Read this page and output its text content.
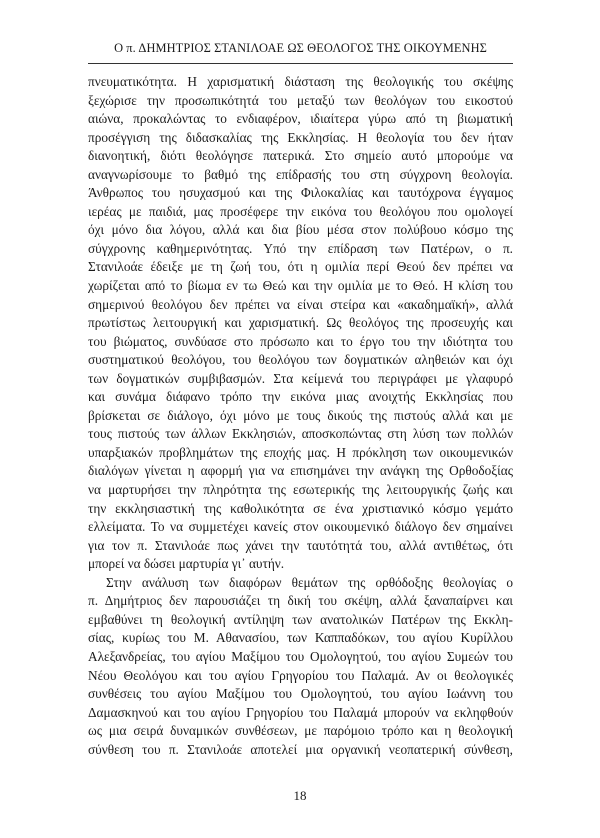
Ο π. ΔΗΜΗΤΡΙΟΣ ΣΤΑΝΙΛΟΑΕ ΩΣ ΘΕΟΛΟΓΟΣ ΤΗΣ ΟΙΚΟΥΜΕΝΗΣ
πνευματικότητα. Η χαρισματική διάσταση της θεολογικής του σκέψης
ξεχώρισε την προσωπικότητά του μεταξύ των θεολόγων του εικοστού
αιώνα, προκαλώντας το ενδιαφέρον, ιδιαίτερα γύρω από τη βιωματική
προσέγγιση της διδασκαλίας της Εκκλησίας. Η θεολογία του δεν ήταν
διανοητική, διότι θεολόγησε πατερικά. Στο σημείο αυτό μπορούμε να
αναγνωρίσουμε το βαθμό της επίδρασής του στη σύγχρονη θεολογία.
Άνθρωπος του ησυχασμού και της Φιλοκαλίας και ταυτόχρονα έγγαμος
ιερέας με παιδιά, μας προσέφερε την εικόνα του θεολόγου που ομολογεί
όχι μόνο δια λόγου, αλλά και δια βίου μέσα στον πολύβουο κόσμο της
σύγχρονης καθημερινότητας. Υπό την επίδραση των Πατέρων, ο π.
Στανιλοάε έδειξε με τη ζωή του, ότι η ομιλία περί Θεού δεν πρέπει να
χωρίζεται από το βίωμα εν τω Θεώ και την ομιλία με το Θεό. Η κλίση του
σημερινού θεολόγου δεν πρέπει να είναι στείρα και «ακαδημαϊκή», αλλά
πρωτίστως λειτουργική και χαρισματική. Ως θεολόγος της προσευχής και
του βιώματος, συνδύασε στο πρόσωπο και το έργο του την ιδιότητα του
συστηματικού θεολόγου, του θεολόγου των δογματικών αληθειών και όχι
των δογματικών συμβιβασμών. Στα κείμενά του περιγράφει με γλαφυρό
και συνάμα διάφανο τρόπο την εικόνα μιας ανοιχτής Εκκλησίας που
βρίσκεται σε διάλογο, όχι μόνο με τους δικούς της πιστούς αλλά και με
τους πιστούς των άλλων Εκκλησιών, αποσκοπώντας στη λύση των πολλών
υπαρξιακών προβλημάτων της εποχής μας. Η πρόκληση των οικουμενικών
διαλόγων γίνεται η αφορμή για να επισημάνει την ανάγκη της Ορθοδοξίας
να μαρτυρήσει την πληρότητα της εσωτερικής της λειτουργικής ζωής και
την εκκλησιαστική της καθολικότητα σε ένα χριστιανικό κόσμο γεμάτο
ελλείματα. Το να συμμετέχει κανείς στον οικουμενικό διάλογο δεν σημαίνει
για τον π. Στανιλοάε πως χάνει την ταυτότητά του, αλλά αντιθέτως, ότι
μπορεί να δώσει μαρτυρία γι᾽ αυτήν.
Στην ανάλυση των διαφόρων θεμάτων της ορθόδοξης θεολογίας ο
π. Δημήτριος δεν παρουσιάζει τη δική του σκέψη, αλλά ξαναπαίρνει και
εμβαθύνει τη θεολογική αντίληψη των ανατολικών Πατέρων της Εκκλη-
σίας, κυρίως του Μ. Αθανασίου, των Καππαδόκων, του αγίου Κυρίλλου
Αλεξανδρείας, του αγίου Μαξίμου του Ομολογητού, του αγίου Συμεών του
Νέου Θεολόγου και του αγίου Γρηγορίου του Παλαμά. Αν οι θεολογικές
συνθέσεις του αγίου Μαξίμου του Ομολογητού, του αγίου Ιωάννη του
Δαμασκηνού και του αγίου Γρηγορίου του Παλαμά μπορούν να εκληφθούν
ως μια σειρά δυναμικών συνθέσεων, με παρόμοιο τρόπο και η θεολογική
σύνθεση του π. Στανιλοάε αποτελεί μια οργανική νεοπατερική σύνθεση,
18
